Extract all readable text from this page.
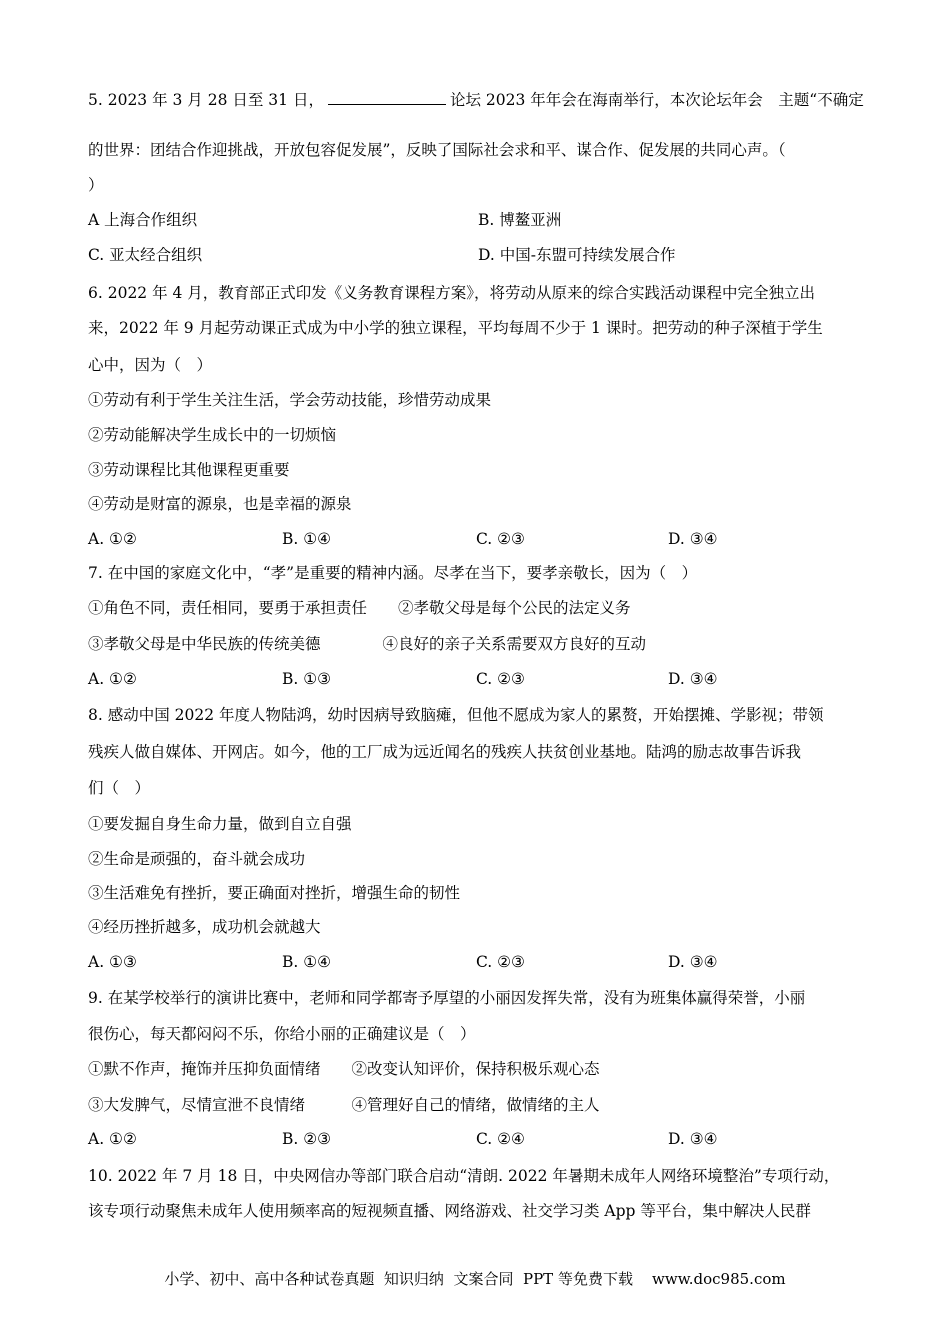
5. 2023 年 3 月 28 日至 31 日，	论坛 2023 年年会在海南举行，本次论坛年会　主题“不确定
的世界：团结合作迎挑战，开放包容促发展”，反映了国际社会求和平、谋合作、促发展的共同心声。（
）
A 上海合作组织	B. 博鳌亚洲
C. 亚太经合组织	D. 中国-东盟可持续发展合作
6. 2022 年 4 月，教育部正式印发《义务教育课程方案》，将劳动从原来的综合实践活动课程中完全独立出
来，2022 年 9 月起劳动课正式成为中小学的独立课程，平均每周不少于 1 课时。把劳动的种子深植于学生
心中，因为（　）
①劳动有利于学生关注生活，学会劳动技能，珍惜劳动成果
②劳动能解决学生成长中的一切烦恼
③劳动课程比其他课程更重要
④劳动是财富的源泉，也是幸福的源泉
A. ①②	B. ①④	C. ②③	D. ③④
7. 在中国的家庭文化中，“孝”是重要的精神内涵。尽孝在当下，要孝亲敬长，因为（　）
①角色不同，责任相同，要勇于承担责任　　②孝敬父母是每个公民的法定义务
③孝敬父母是中华民族的传统美德　　　　④良好的亲子关系需要双方良好的互动
A. ①②	B. ①③	C. ②③	D. ③④
8. 感动中国 2022 年度人物陆鸿，幼时因病导致脑瘫，但他不愿成为家人的累赘，开始摆摊、学影视；带领
残疾人做自媒体、开网店。如今，他的工厂成为远近闻名的残疾人扶贫创业基地。陆鸿的励志故事告诉我
们（　）
①要发掘自身生命力量，做到自立自强
②生命是顽强的，奋斗就会成功
③生活难免有挫折，要正确面对挫折，增强生命的韧性
④经历挫折越多，成功机会就越大
A. ①③	B. ①④	C. ②③	D. ③④
9. 在某学校举行的演讲比赛中，老师和同学都寄予厚望的小丽因发挥失常，没有为班集体赢得荣誉，小丽
很伤心，每天都闷闷不乐，你给小丽的正确建议是（　）
①默不作声，掩饰并压抑负面情绪　　②改变认知评价，保持积极乐观心态
③大发脾气，尽情宣泄不良情绪　　　④管理好自己的情绪，做情绪的主人
A. ①②	B. ②③	C. ②④	D. ③④
10. 2022 年 7 月 18 日，中央网信办等部门联合启动“清朗. 2022 年暑期未成年人网络环境整治”专项行动，
该专项行动聚焦未成年人使用频率高的短视频直播、网络游戏、社交学习类 App 等平台，集中解决人民群
小学、初中、高中各种试卷真题  知识归纳  文案合同  PPT 等免费下载    www.doc985.com
